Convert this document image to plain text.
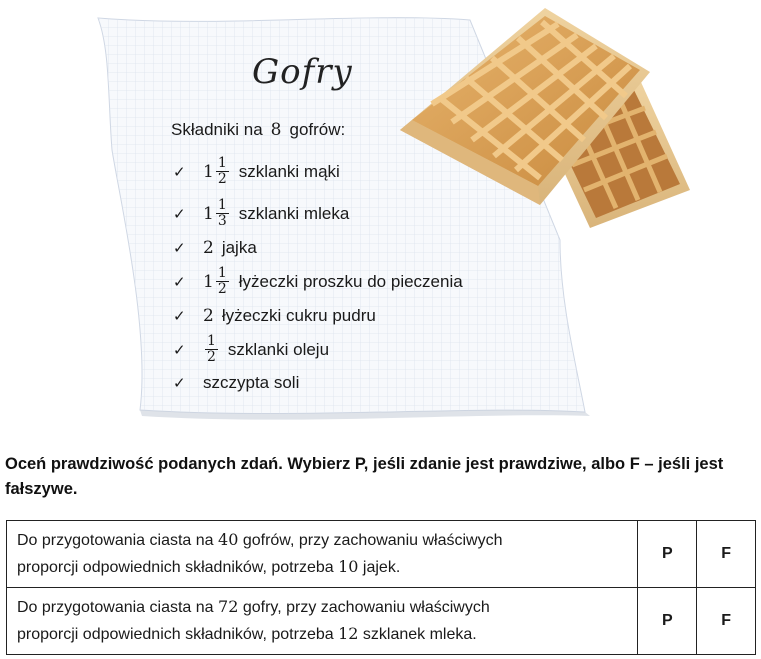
Gofry
Składniki na 8 gofrów:
✓	$1 \frac{1}{2}$ szklanki mąki
✓	$1 \frac{1}{3}$ szklanki mleka
✓	2 jajka
✓	$1 \frac{1}{2}$ łyżeczki proszku do pieczenia
✓	2 łyżeczki cukru pudru
✓	$\frac{1}{2}$ szklanki oleju
✓	szczypta soli
Oceń prawdziwość podanych zdań. Wybierz P, jeśli zdanie jest prawdziwe, albo F – jeśli jest fałszywe.
Do przygotowania ciasta na 40 gofrów, przy zachowaniu właściwych
proporcji odpowiednich składników, potrzeba 10 jajek.	P	F
Do przygotowania ciasta na 72 gofry, przy zachowaniu właściwych
proporcji odpowiednich składników, potrzeba 12 szklanek mleka.	P	F
